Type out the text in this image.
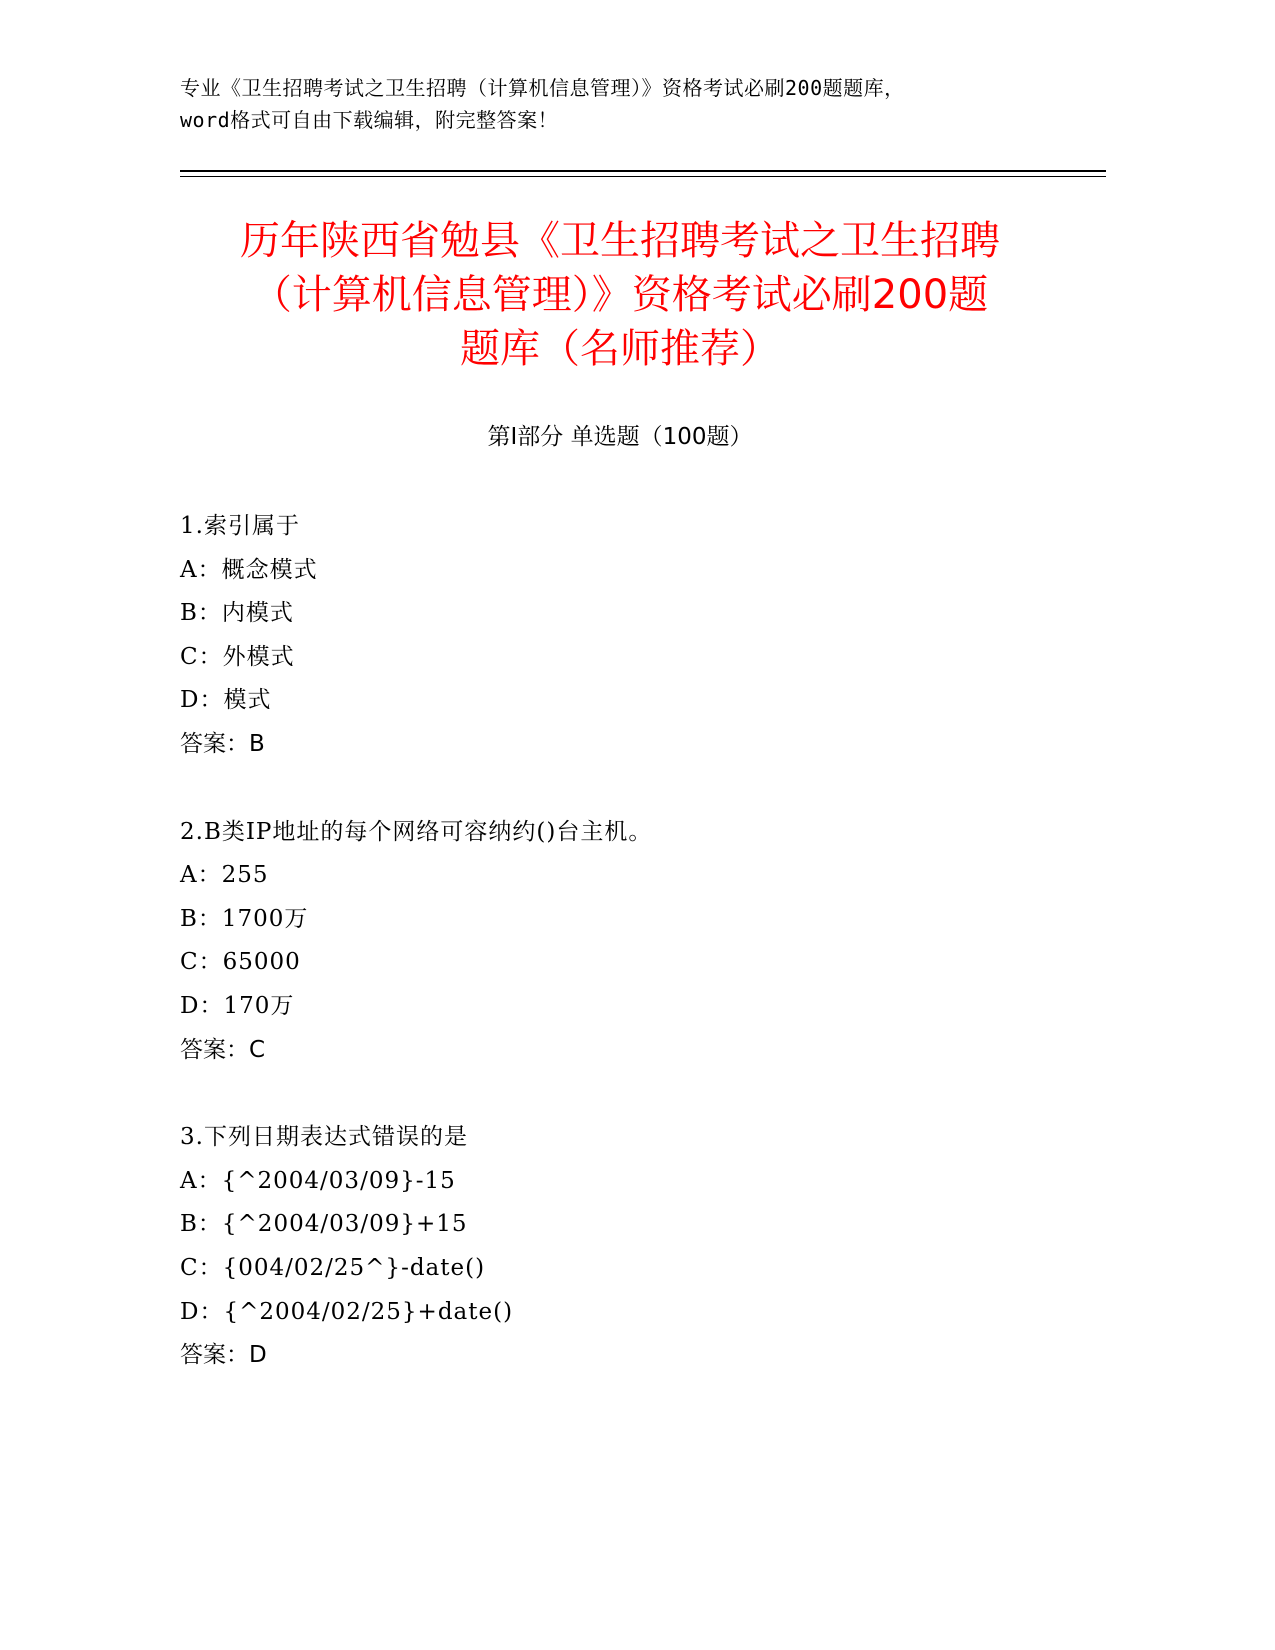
专业《卫生招聘考试之卫生招聘（计算机信息管理）》资格考试必刷200题题库，
word格式可自由下载编辑，附完整答案！
历年陕西省勉县《卫生招聘考试之卫生招聘
（计算机信息管理）》资格考试必刷200题
题库（名师推荐）
第Ⅰ部分 单选题（100题）
1.索引属于
A：概念模式
B：内模式
C：外模式
D：模式
答案：B
2.B类IP地址的每个网络可容纳约()台主机。
A：255
B：1700万
C：65000
D：170万
答案：C
3.下列日期表达式错误的是
A：{^2004/03/09}-15
B：{^2004/03/09}+15
C：{004/02/25^}-date()
D：{^2004/02/25}+date()
答案：D
